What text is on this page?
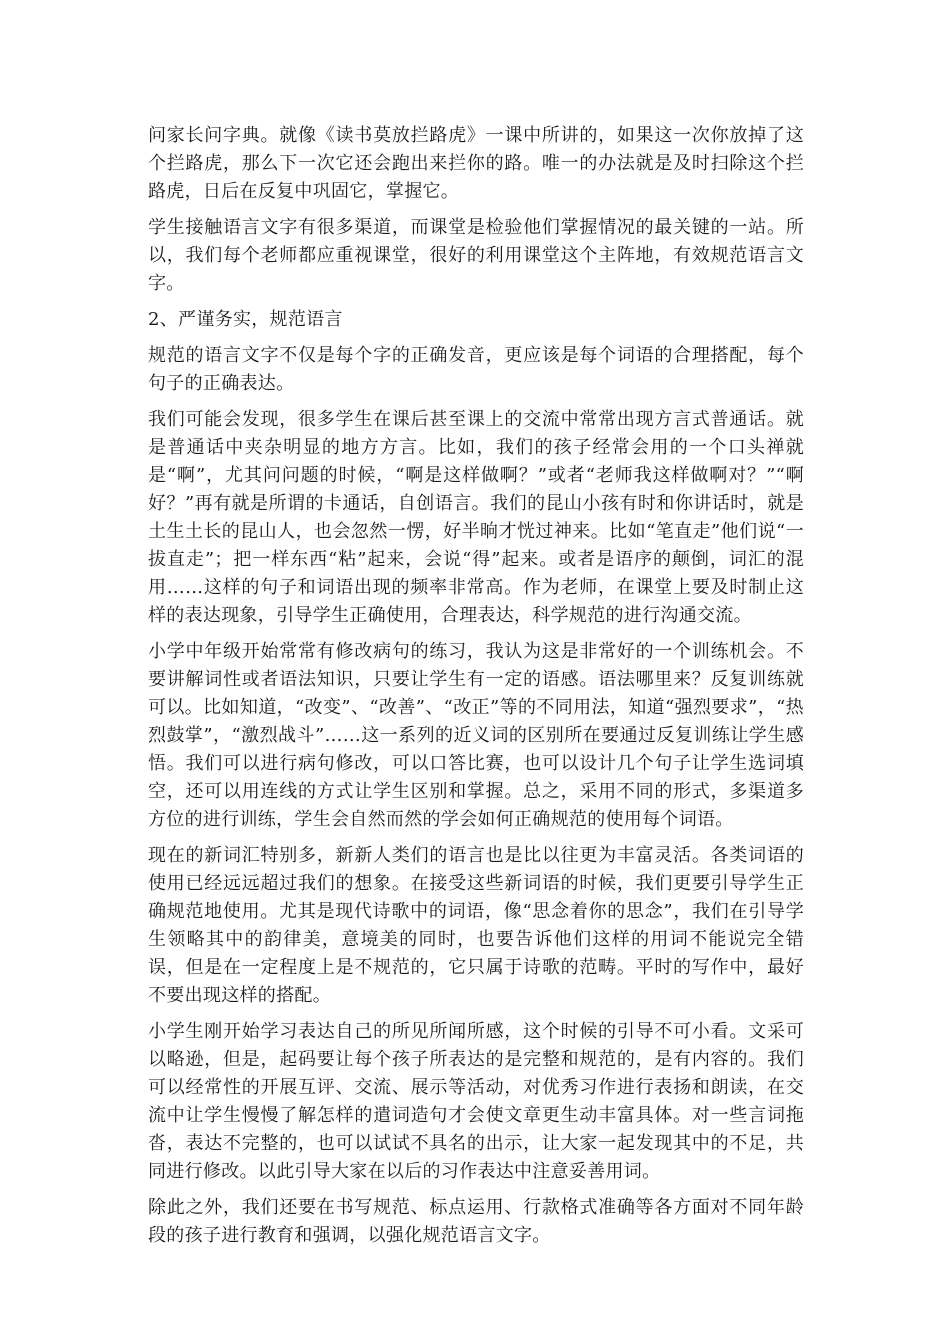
问家长问字典。就像《读书莫放拦路虎》一课中所讲的，如果这一次你放掉了这个拦路虎，那么下一次它还会跑出来拦你的路。唯一的办法就是及时扫除这个拦路虎，日后在反复中巩固它，掌握它。

学生接触语言文字有很多渠道，而课堂是检验他们掌握情况的最关键的一站。所以，我们每个老师都应重视课堂，很好的利用课堂这个主阵地，有效规范语言文字。

2、严谨务实，规范语言

规范的语言文字不仅是每个字的正确发音，更应该是每个词语的合理搭配，每个句子的正确表达。

我们可能会发现，很多学生在课后甚至课上的交流中常常出现方言式普通话。就是普通话中夹杂明显的地方方言。比如，我们的孩子经常会用的一个口头禅就是“啊”，尤其问问题的时候，“啊是这样做啊？”或者“老师我这样做啊对？”“啊好？”再有就是所谓的卡通话，自创语言。我们的昆山小孩有时和你讲话时，就是土生土长的昆山人，也会忽然一愣，好半晌才恍过神来。比如“笔直走”他们说“一拔直走”；把一样东西“粘”起来，会说“得”起来。或者是语序的颠倒，词汇的混用……这样的句子和词语出现的频率非常高。作为老师，在课堂上要及时制止这样的表达现象，引导学生正确使用，合理表达，科学规范的进行沟通交流。

小学中年级开始常常有修改病句的练习，我认为这是非常好的一个训练机会。不要讲解词性或者语法知识，只要让学生有一定的语感。语法哪里来？反复训练就可以。比如知道，“改变”、“改善”、“改正”等的不同用法，知道“强烈要求”，“热烈鼓掌”，“激烈战斗”……这一系列的近义词的区别所在要通过反复训练让学生感悟。我们可以进行病句修改，可以口答比赛，也可以设计几个句子让学生选词填空，还可以用连线的方式让学生区别和掌握。总之，采用不同的形式，多渠道多方位的进行训练，学生会自然而然的学会如何正确规范的使用每个词语。

现在的新词汇特别多，新新人类们的语言也是比以往更为丰富灵活。各类词语的使用已经远远超过我们的想象。在接受这些新词语的时候，我们更要引导学生正确规范地使用。尤其是现代诗歌中的词语，像“思念着你的思念”，我们在引导学生领略其中的韵律美，意境美的同时，也要告诉他们这样的用词不能说完全错误，但是在一定程度上是不规范的，它只属于诗歌的范畴。平时的写作中，最好不要出现这样的搭配。

小学生刚开始学习表达自己的所见所闻所感，这个时候的引导不可小看。文采可以略逊，但是，起码要让每个孩子所表达的是完整和规范的，是有内容的。我们可以经常性的开展互评、交流、展示等活动，对优秀习作进行表扬和朗读，在交流中让学生慢慢了解怎样的遣词造句才会使文章更生动丰富具体。对一些言词拖沓，表达不完整的，也可以试试不具名的出示，让大家一起发现其中的不足，共同进行修改。以此引导大家在以后的习作表达中注意妥善用词。

除此之外，我们还要在书写规范、标点运用、行款格式准确等各方面对不同年龄段的孩子进行教育和强调，以强化规范语言文字。
